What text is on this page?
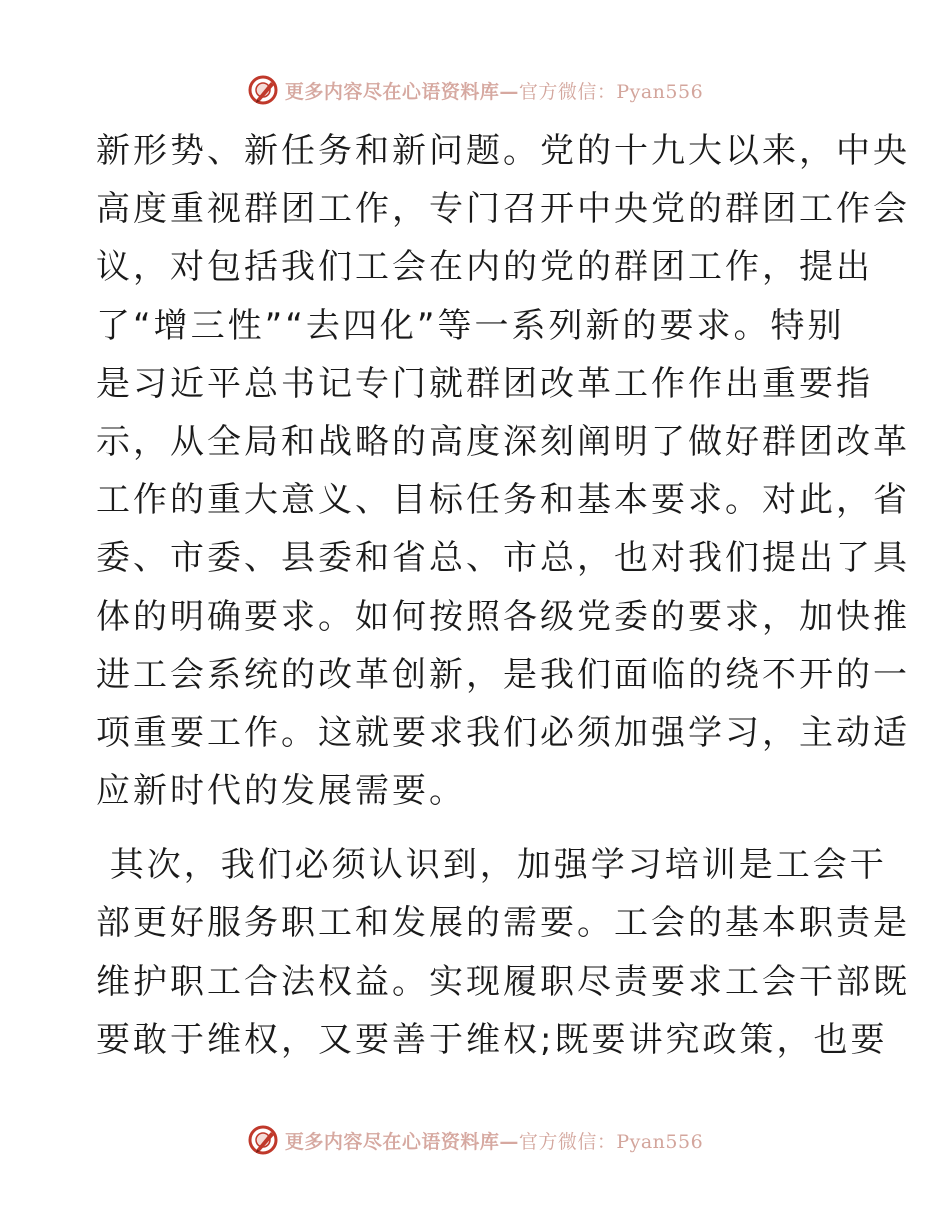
更多内容尽在心语资料库—官方微信：Pyan556
新形势、新任务和新问题。党的十九大以来，中央
高度重视群团工作，专门召开中央党的群团工作会
议，对包括我们工会在内的党的群团工作，提出
了“增三性”“去四化”等一系列新的要求。特别
是习近平总书记专门就群团改革工作作出重要指
示，从全局和战略的高度深刻阐明了做好群团改革
工作的重大意义、目标任务和基本要求。对此，省
委、市委、县委和省总、市总，也对我们提出了具
体的明确要求。如何按照各级党委的要求，加快推
进工会系统的改革创新，是我们面临的绕不开的一
项重要工作。这就要求我们必须加强学习，主动适
应新时代的发展需要。
其次，我们必须认识到，加强学习培训是工会干
部更好服务职工和发展的需要。工会的基本职责是
维护职工合法权益。实现履职尽责要求工会干部既
要敢于维权，又要善于维权;既要讲究政策，也要
更多内容尽在心语资料库—官方微信：Pyan556
